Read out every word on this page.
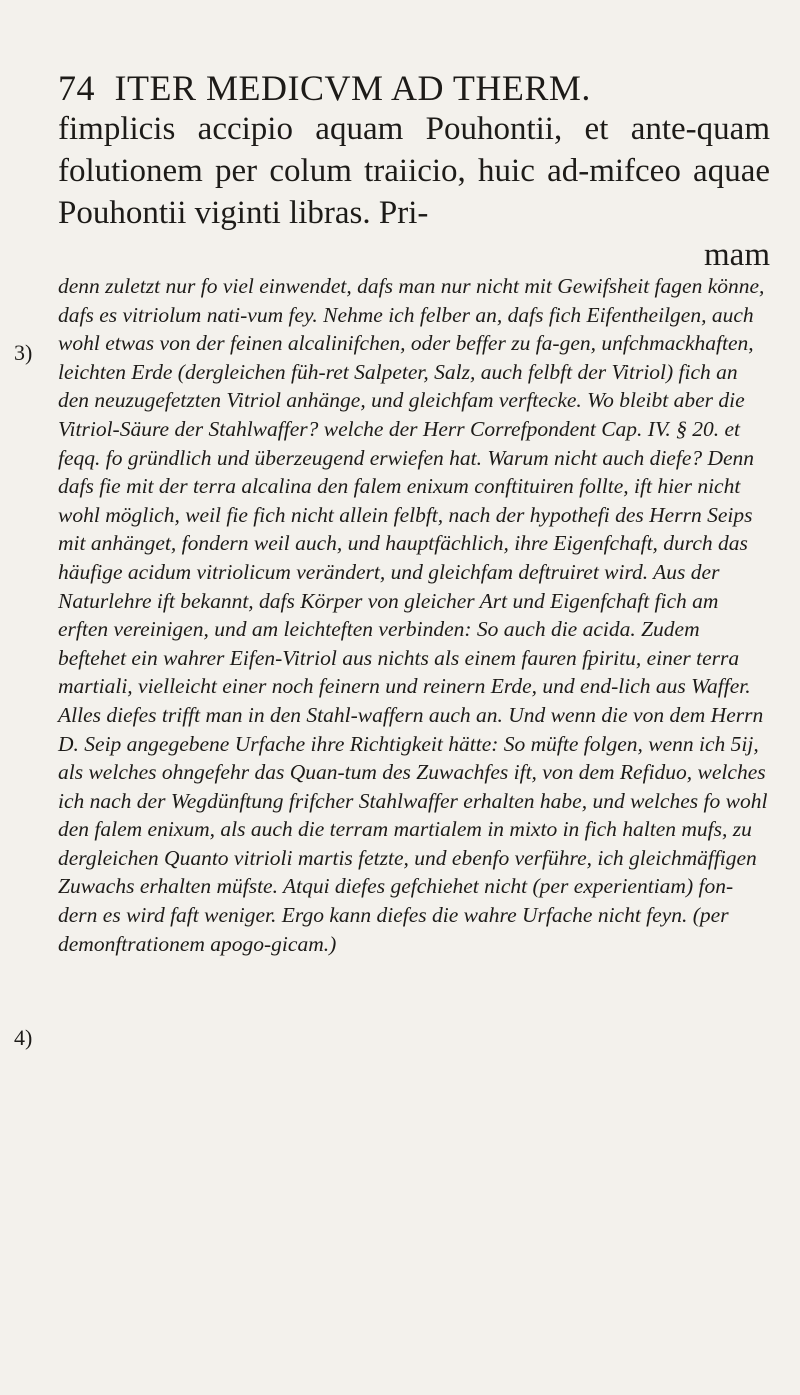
74 ITER MEDICVM AD THERM.
fimplicis accipio aquam Pouhontii, et ante-quam folutionem per colum traiicio, huic ad-mifceo aquae Pouhontii viginti libras. Pri-
mam
3)
4)

denn zuletzt nur fo viel einwendet, dafs man nur nicht mit Gewifsheit fagen könne, dafs es vitriolum nati-vum fey. Nehme ich felber an, dafs fich Eifentheilgen, auch wohl etwas von der feinen alcalinifchen, oder beffer zu fa-gen, unfchmackhaften, leichten Erde (dergleichen füh-ret Salpeter, Salz, auch felbft der Vitriol) fich an den neuzugefetzten Vitriol anhänge, und gleichfam verftecke. Wo bleibt aber die Vitriol-Säure der Stahlwaffer? welche der Herr Correfpondent Cap. IV. § 20. et feqq. fo gründlich und überzeugend erwiefen hat. Warum nicht auch diefe? Denn dafs fie mit der terra alcalina den falem enixum conftituiren follte, ift hier nicht wohl möglich, weil fie fich nicht allein felbft, nach der hypothefi des Herrn Seips mit anhänget, fondern weil auch, und hauptfächlich, ihre Eigenfchaft, durch das häufige acidum vitriolicum verändert, und gleichfam deftruiret wird. Aus der Naturlehre ift bekannt, dafs Körper von gleicher Art und Eigenfchaft fich am erften vereinigen, und am leichteften verbinden: So auch die acida. Zudem beftehet ein wahrer Eifen-Vitriol aus nichts als einem fauren fpiritu, einer terra martiali, vielleicht einer noch feinern und reinern Erde, und end-lich aus Waffer. Alles diefes trifft man in den Stahl-waffern auch an. Und wenn die von dem Herrn D. Seip angegebene Urfache ihre Richtigkeit hätte: So müfte folgen, wenn ich 5ij, als welches ohngefehr das Quan-tum des Zuwachfes ift, von dem Refiduo, welches ich nach der Wegdünftung frifcher Stahlwaffer erhalten habe, und welches fo wohl den falem enixum, als auch die terram martialem in mixto in fich halten mufs, zu dergleichen Quanto vitrioli martis fetzte, und ebenfo verführe, ich gleichmäffigen Zuwachs erhalten müfste. Atqui diefes gefchiehet nicht (per experientiam) fon-dern es wird faft weniger. Ergo kann diefes die wahre Urfache nicht feyn. (per demonftrationem apogo-gicam.)
